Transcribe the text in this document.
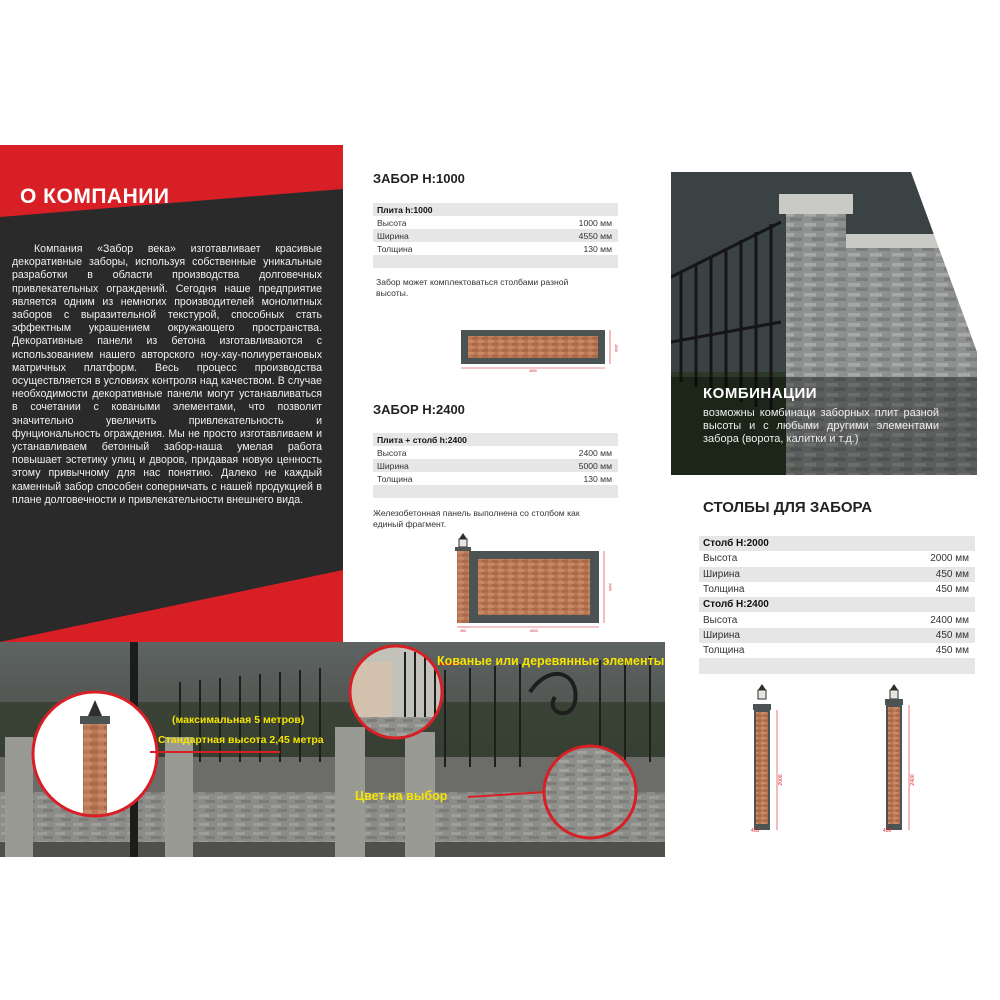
О КОМПАНИИ
Компания «Забор века» изготавливает красивые декоративные заборы, используя собственные уникальные разработки в области производства долговечных привлекательных ограждений. Сегодня наше предприятие является одним из немногих производителей монолитных заборов с выразительной текстурой, способных стать эффектным украшением окружающего пространства. Декоративные панели из бетона изготавливаются с использованием нашего авторского ноу-хау-полиуретановых матричных платформ. Весь процесс производства осуществляется в условиях контроля над качеством. В случае необходимости декоративные панели могут устанавливаться в сочетании с коваными элементами, что позволит значительно увеличить привлекательность и фунциональность ограждения. Мы не просто изготавливаем и устанавливаем бетонный забор-наша умелая работа повышает эстетику улиц и дворов, придавая новую ценность этому привычному для нас понятию. Далеко не каждый каменный забор способен соперничать с нашей продукцией в плане долговечности и привлекательности внешнего вида.
(максимальная 5 метров)
Стандартная высота 2,45 метра
Кованые или деревянные элементы
Цвет на выбор
ЗАБОР Н:1000
Плита h:1000
Высота	1000 мм
Ширина	4550 мм
Толщина	130 мм
Забор может комплектоваться столбами разной высоты.
4550
1000
ЗАБОР Н:2400
Плита + столб h:2400
Высота	2400 мм
Ширина	5000 мм
Толщина	130 мм
Железобетонная панель выполнена со столбом как единый фрагмент.
450	5000
2400
КОМБИНАЦИИ
возможны комбинаци заборных плит разной высоты и с любыми другими элементами забора (ворота, калитки и т.д.)
СТОЛБЫ ДЛЯ ЗАБОРА
Столб Н:2000
Высота	2000 мм
Ширина	450 мм
Толщина	450 мм
Столб Н:2400
Высота	2400 мм
Ширина	450 мм
Толщина	450 мм
2000
450
2400
450
